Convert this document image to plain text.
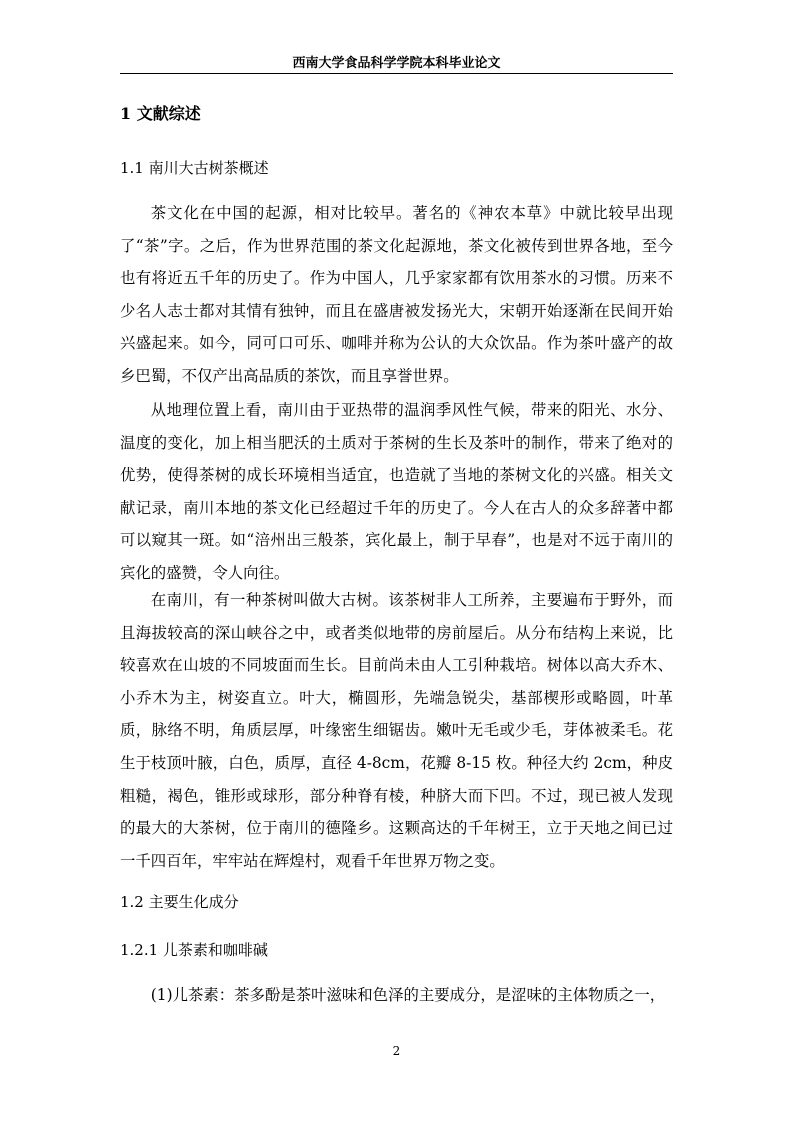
西南大学食品科学学院本科毕业论文
1 文献综述
1.1 南川大古树茶概述

茶文化在中国的起源，相对比较早。著名的《神农本草》中就比较早出现了“茶”字。之后，作为世界范围的茶文化起源地，茶文化被传到世界各地，至今也有将近五千年的历史了。作为中国人，几乎家家都有饮用茶水的习惯。历来不少名人志士都对其情有独钟，而且在盛唐被发扬光大，宋朝开始逐渐在民间开始兴盛起来。如今，同可口可乐、咖啡并称为公认的大众饮品。作为茶叶盛产的故乡巴蜀，不仅产出高品质的茶饮，而且享誉世界。

从地理位置上看，南川由于亚热带的温润季风性气候，带来的阳光、水分、温度的变化，加上相当肥沃的土质对于茶树的生长及茶叶的制作，带来了绝对的优势，使得茶树的成长环境相当适宜，也造就了当地的茶树文化的兴盛。相关文献记录，南川本地的茶文化已经超过千年的历史了。今人在古人的众多辞著中都可以窥其一斑。如“涪州出三般茶，宾化最上，制于早春”，也是对不远于南川的宾化的盛赞，令人向往。

在南川，有一种茶树叫做大古树。该茶树非人工所养，主要遍布于野外，而且海拔较高的深山峡谷之中，或者类似地带的房前屋后。从分布结构上来说，比较喜欢在山坡的不同坡面而生长。目前尚未由人工引种栽培。树体以高大乔木、小乔木为主，树姿直立。叶大，椭圆形，先端急锐尖，基部楔形或略圆，叶革质，脉络不明，角质层厚，叶缘密生细锯齿。嫩叶无毛或少毛，芽体被柔毛。花生于枝顶叶腋，白色，质厚，直径 4-8cm，花瓣 8-15 枚。种径大约 2cm，种皮粗糙，褐色，锥形或球形，部分种脊有棱，种脐大而下凹。不过，现已被人发现的最大的大茶树，位于南川的德隆乡。这颗高达的千年树王，立于天地之间已过一千四百年，牢牢站在辉煌村，观看千年世界万物之变。

1.2 主要生化成分
1.2.1 儿茶素和咖啡碱

(1)儿茶素：茶多酚是茶叶滋味和色泽的主要成分，是涩味的主体物质之一，

2
